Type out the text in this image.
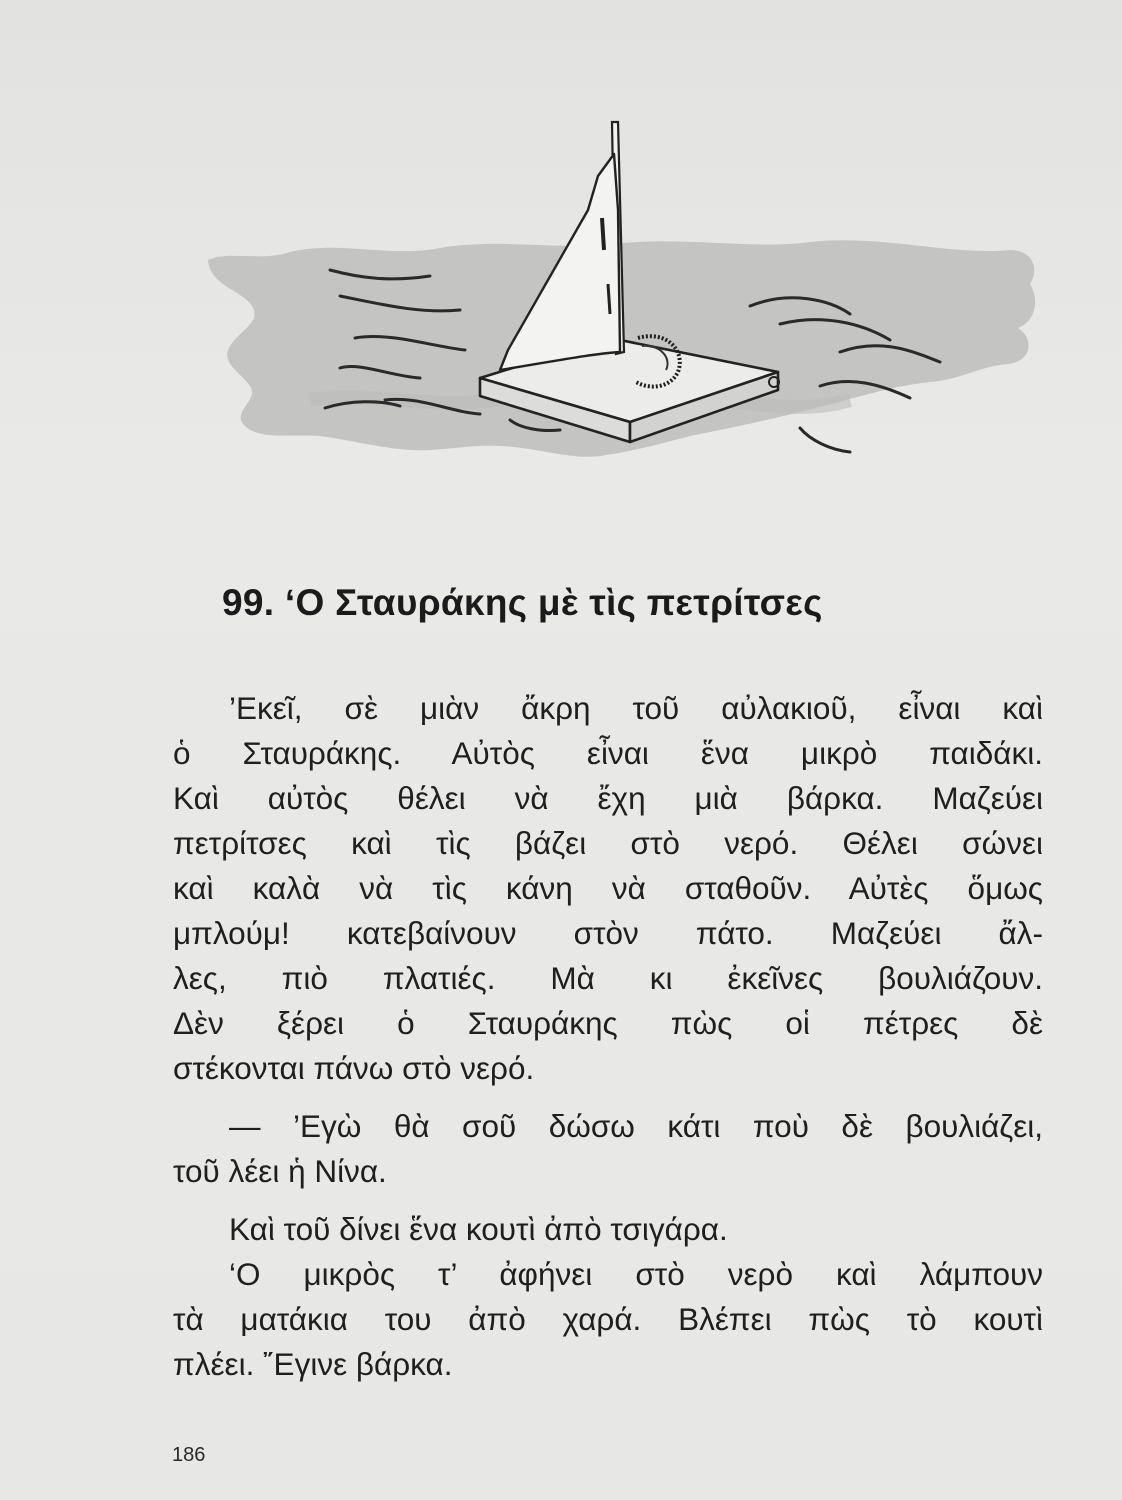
99. ‘Ο Σταυράκης μὲ τὶς πετρίτσες
’Εκεῖ, σὲ μιὰν ἄκρη τοῦ αὐλακιοῦ, εἶναι καὶ
ὁ Σταυράκης. Αὐτὸς εἶναι ἕνα μικρὸ παιδάκι.
Καὶ αὐτὸς θέλει νὰ ἔχη μιὰ βάρκα. Μαζεύει
πετρίτσες καὶ τὶς βάζει στὸ νερό. Θέλει σώνει
καὶ καλὰ νὰ τὶς κάνη νὰ σταθοῦν. Αὐτὲς ὅμως
μπλούμ! κατεβαίνουν στὸν πάτο. Μαζεύει ἄλ-
λες, πιὸ πλατιές. Μὰ κι ἐκεῖνες βουλιάζουν.
Δὲν ξέρει ὁ Σταυράκης πὼς οἱ πέτρες δὲ
στέκονται πάνω στὸ νερό.
— ’Εγὼ θὰ σοῦ δώσω κάτι ποὺ δὲ βουλιάζει,
τοῦ λέει ἡ Νίνα.
Καὶ τοῦ δίνει ἕνα κουτὶ ἀπὸ τσιγάρα.
‘Ο μικρὸς τ’ ἀφήνει στὸ νερὸ καὶ λάμπουν
τὰ ματάκια του ἀπὸ χαρά. Βλέπει πὼς τὸ κουτὶ
πλέει. ῎Εγινε βάρκα.
186
